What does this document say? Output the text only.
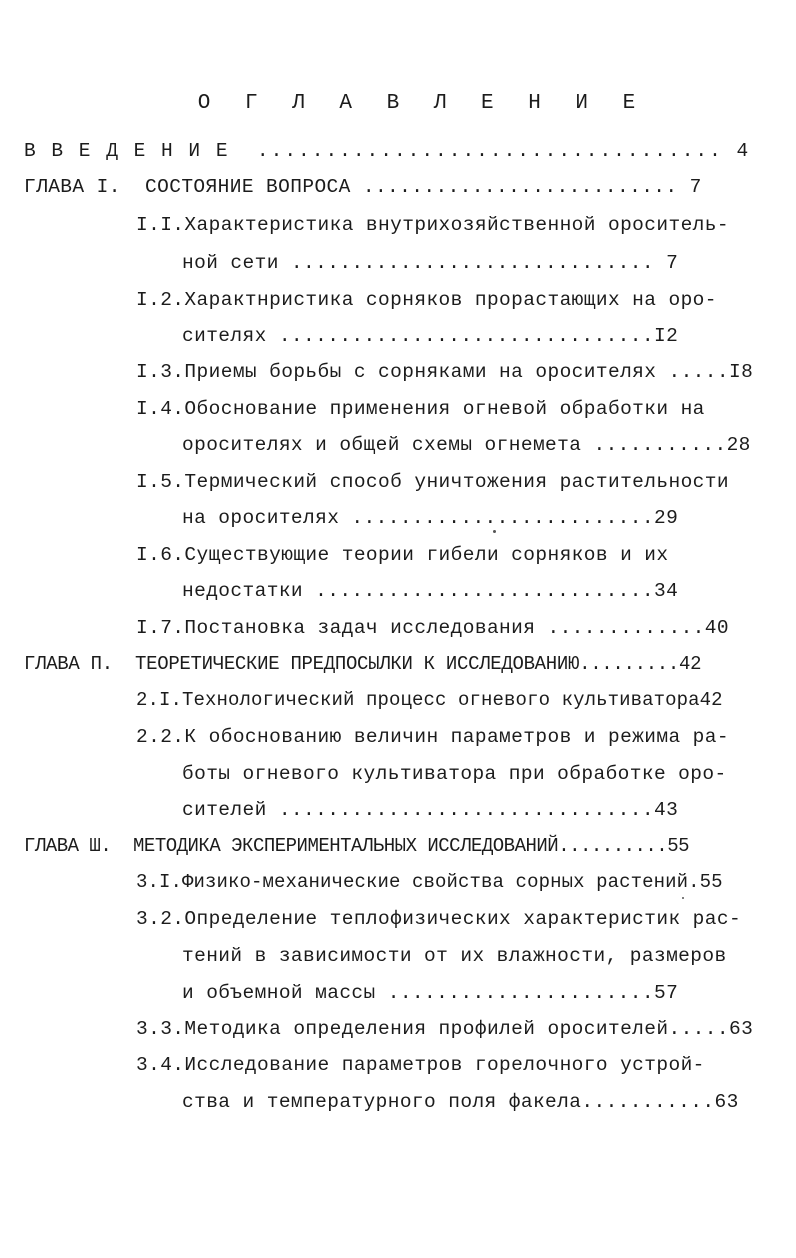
О Г Л А В Л Е Н И Е
В В Е Д Е Н И Е  .................................. 4
ГЛАВА I.  СОСТОЯНИЕ ВОПРОСА .......................... 7
I.I.Характеристика внутрихозяйственной ороситель-
ной сети .............................. 7
I.2.Характнристика сорняков прорастающих на оро-
сителях ...............................I2
I.3.Приемы борьбы с сорняками на оросителях .....I8
I.4.Обоснование применения огневой обработки на
оросителях и общей схемы огнемета ...........28
I.5.Термический способ уничтожения растительности
на оросителях .........................29
I.6.Существующие теории гибели сорняков и их
недостатки ............................34
I.7.Постановка задач исследования .............40
ГЛАВА П.  ТЕОРЕТИЧЕСКИЕ ПРЕДПОСЫЛКИ К ИССЛЕДОВАНИЮ.........42
2.I.Технологический процесс огневого культиватора42
2.2.К обоснованию величин параметров и режима ра-
боты огневого культиватора при обработке оро-
сителей ...............................43
ГЛАВА Ш.  МЕТОДИКА ЭКСПЕРИМЕНТАЛЬНЫХ ИССЛЕДОВАНИЙ..........55
3.I.Физико-механические свойства сорных растений.55
3.2.Определение теплофизических характеристик рас-
тений в зависимости от их влажности, размеров
и объемной массы ......................57
3.3.Методика определения профилей оросителей.....63
3.4.Исследование параметров горелочного устрой-
ства и температурного поля факела...........63
